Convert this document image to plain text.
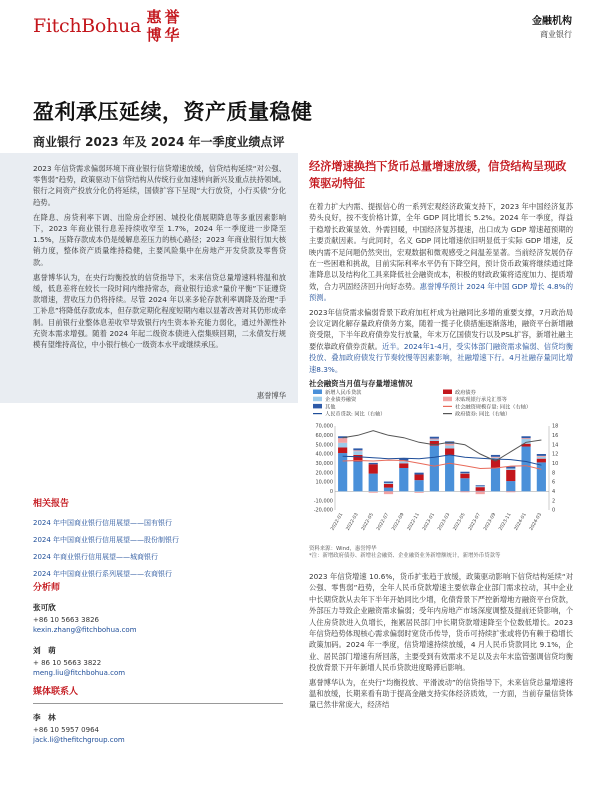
FitchBohua 惠 誉
博 华
金融机构
商业银行
盈利承压延续，资产质量稳健
商业银行 2023 年及 2024 年一季度业绩点评

2023 年信贷需求偏弱环境下商业银行信贷增速放缓，信贷结构延续“对公强、零售弱”趋势，政策驱动下信贷结构从传统行业加速转向新兴及重点扶持领域。银行之间资产投放分化仍将延续，国债扩容下呈现“大行放贷，小行买债”分化趋势。

在降息、房贷利率下调、出险房企纾困、城投化债展期降息等多重因素影响下，2023 年商业银行息差持续收窄至 1.7%，2024 年一季度进一步降至 1.5%，压降存款成本仍是缓解息差压力的核心路径；2023 年商业银行加大核销力度，整体资产质量维持稳健，主要风险集中在房地产开发贷款及零售贷款。

惠誉博华认为，在央行均衡投放的信贷指导下，未来信贷总量增速料将温和放缓，低息差将在较长一段时间内维持常态，商业银行追求“量价平衡”下证遵贷款增速，营收压力仍将持续。尽管 2024 年以来多轮存款利率调降及治理“手工补息”将降低存款成本，但存款定期化程度短期内难以显著改善对其仍形成牵制。目前银行业整体息差收窄导致银行内生资本补充能力弱化，通过外源性补充资本需求增强。随着 2024 年起二级资本债进入偿集赎回期，二永债发行规模有望维持高位，中小银行核心一级资本水平或继续承压。

惠誉博华
相关报告
2024 年中国商业银行信用展望——国有银行
2024 年中国商业银行信用展望——股份制银行
2024 年商业银行信用展望——城商银行
2024 年中国商业银行系列展望——农商银行
分析师
张可欣
+86 10 5663 3826
kexin.zhang@fitchbohua.com
刘　萌
+ 86 10 5663 3822
meng.liu@fitchbohua.com
媒体联系人
李　林
+86 10 5957 0964
jack.li@thefitchgroup.com
经济增速换挡下货币总量增速放缓，信贷结构呈现政策驱动特征

在着力扩大内需、提振信心的一系列宏观经济政策支持下，2023 年中国经济复苏势头良好，按不变价格计算，全年 GDP 同比增长 5.2%。2024 年一季度，得益于稳增长政策显效、外需回暖，中国经济复苏提速，出口成为 GDP 增速超预期的主要贡献因素。与此同时，名义 GDP 同比增速依旧明显低于实际 GDP 增速，反映内需不足问题仍然突出，宏观数据和微观感受之间温差显著。当前经济发展仍存在一些困难和挑战，目前实际利率水平仍有下降空间，预计货币政策将继续通过降准降息以及结构化工具来降低社会融资成本，积极的财政政策将适度加力、提质增效，合力巩固经济回升向好态势。惠誉博华预计 2024 年中国 GDP 增长 4.8%的预测。

2023年信贷需求偏弱背景下政府加杠杆成为社融同比多增的重要支撑，7月政治局会议定调化解存量政府债务方案，随着一揽子化债措施逐渐落地，融资平台新增融资受限，下半年政府债券发行放量，年末万亿国债发行以及PSL扩容，新增社融主要依靠政府债券贡献。近半。2024年1-4月，受实体部门融资需求偏弱、信贷均衡投放、叠加政府债发行节奏较慢等因素影响，社融增速下行。4月社融存量同比增速8.3%。

社会融资当月值与存量增速情况
新增人民币贷款
企业债券融资
其他
人民币贷款: 同比（右轴）
政府债券
未贴现银行承兑汇票等
社会融资规模存量: 同比（右轴）
政府债券: 同比（右轴）
70,000
60,000
50,000
40,000
30,000
20,000
10,000
0
-10,000
-20,000
18
16
14
12
10
8
6
4
2
0
2022-01 2022-03 2022-05 2022-07 2022-09 2022-11 2023-01 2023-03 2023-05 2023-07 2023-09 2023-11 2024-01 2024-03
资料来源：Wind，惠誉博华
*注：新增政府债券、新增社会融资、企业融资业务新增额统计，新增外币贷款等

2023 年信贷增速 10.6%，货币扩张趋于放缓，政策驱动影响下信贷结构延续“对公强、零售弱”趋势，全年人民币贷款增速主要依靠企业部门需求拉动，其中企业中长期贷款从去年下半年开始同比少增，化债背景下严控新增地方融资平台贷款，外部压力导致企业融资需求偏弱；受年内房地产市场深度调整及提前还贷影响，个人住房贷款进入负增长，拖累居民部门中长期贷款增速降至个位数低增长。2023 年信贷趋势体现核心需求偏弱时宽货币传导，货币可持续扩张或将仍有赖于稳增长政策加码。2024 年一季度，信贷增速持续放缓，4 月人民币贷款同比 9.1%，企业、居民部门增速有所回落，主要受到有效需求不足以及去年末监管强调信贷均衡投放背景下开年新增人民币贷款进度略滞后影响。

惠誉博华认为，在央行“均衡投放、平滑波动”的信贷指导下，未来信贷总量增速将温和放缓，长期来看有助于提高金融支持实体经济质效，一方面，当前存量信贷体量已然非常庞大，经济结
